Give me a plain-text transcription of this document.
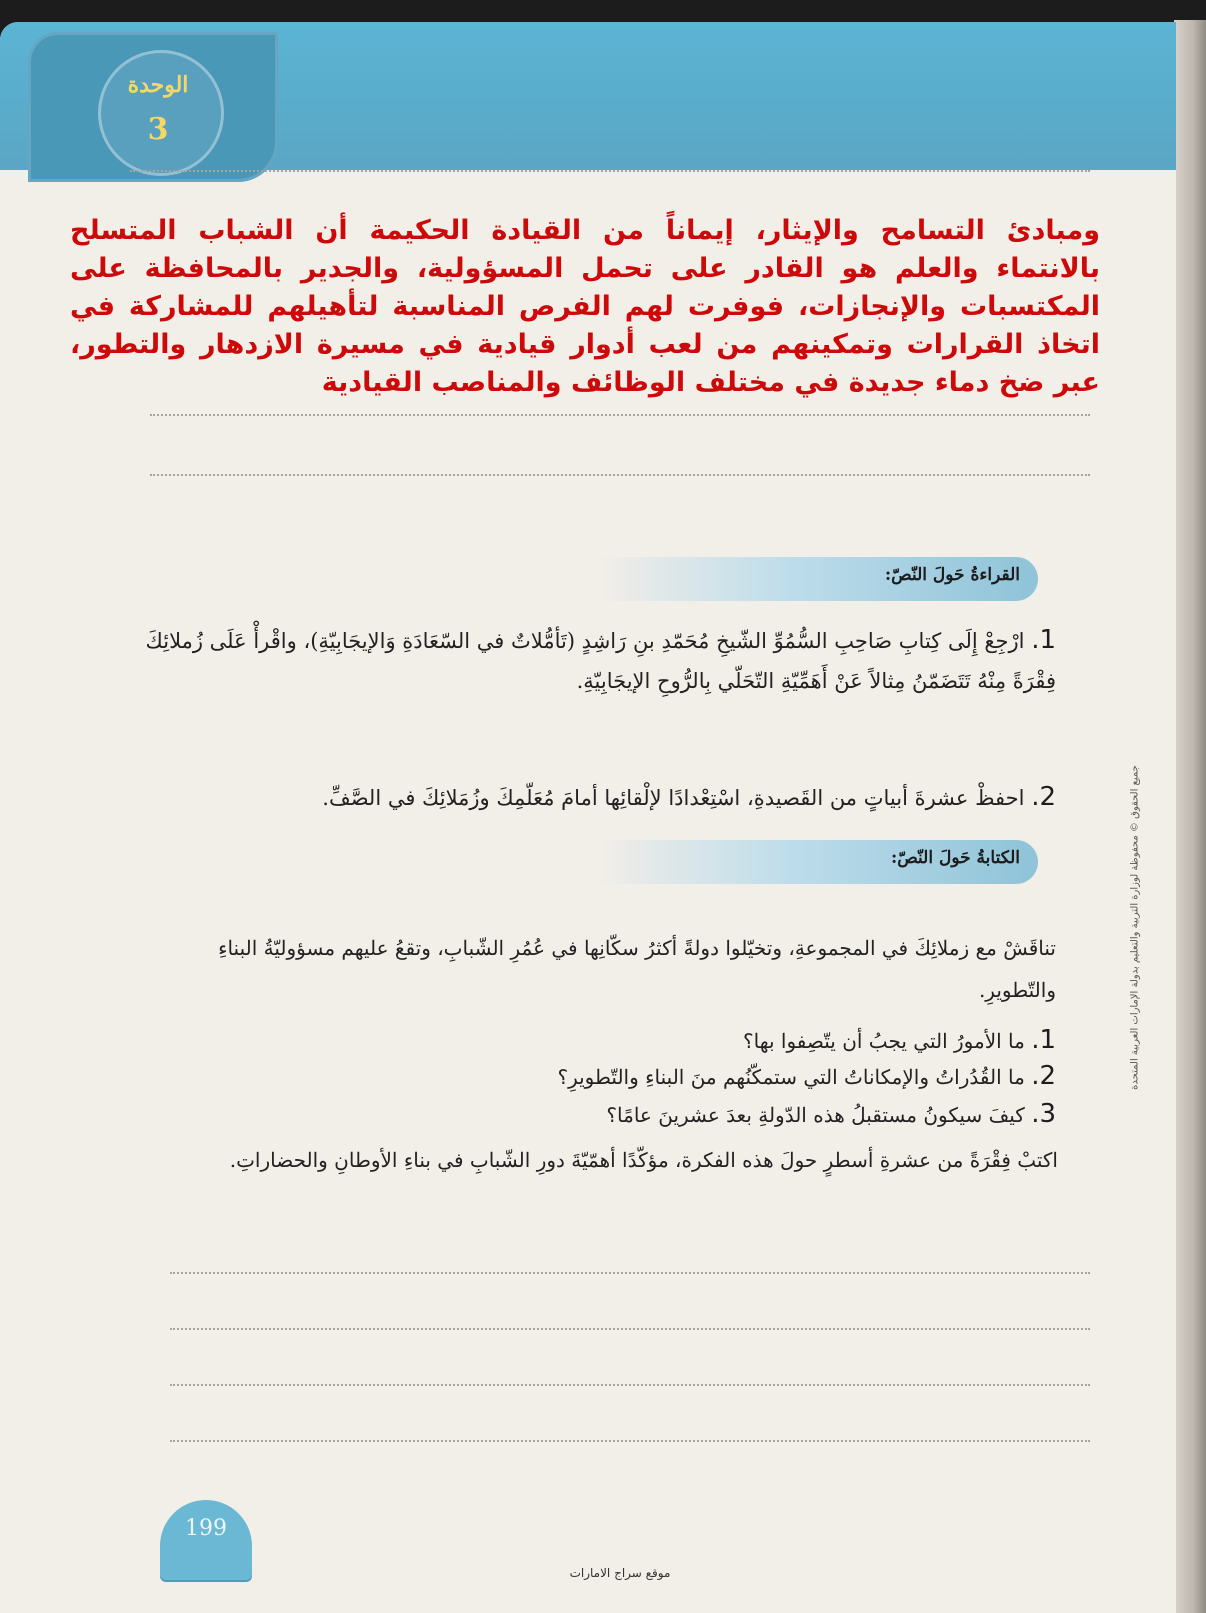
الوحدة
3
ومبادئ التسامح والإيثار، إيماناً من القيادة الحكيمة أن الشباب المتسلح بالانتماء والعلم هو القادر على تحمل المسؤولية، والجدير بالمحافظة على المكتسبات والإنجازات، فوفرت لهم الفرص المناسبة لتأهيلهم للمشاركة في اتخاذ القرارات وتمكينهم من لعب أدوار قيادية في مسيرة الازدهار والتطور، عبر ضخ دماء جديدة في مختلف الوظائف والمناصب القيادية
القراءةُ حَولَ النّصّ:
1. ارْجِعْ إِلَى كِتابِ صَاحِبِ السُّمُوِّ الشّيخِ مُحَمّدِ بنِ رَاشِدٍ (تَأمُّلاتٌ في السّعَادَةِ وَالإيجَابِيّةِ)، واقْرأْ عَلَى زُملائِكَ فِقْرَةً مِنْهُ تَتَضَمّنُ مِثالاً عَنْ أَهَمِّيّةِ التّحَلّي بِالرُّوحِ الإيجَابِيّةِ.
2. احفظْ عشرةَ أبياتٍ من القَصيدةِ، اسْتِعْدادًا لإلْقائِها أمامَ مُعَلّمِكَ وزُمَلائِكَ في الصَّفِّ.
الكتابةُ حَولَ النّصّ:
تناقَشْ مع زملائِكَ في المجموعةِ، وتخيّلوا دولةً أكثرُ سكّانِها في عُمُرِ الشّبابِ، وتقعُ عليهم مسؤوليّةُ البناءِ والتّطويرِ.
1. ما الأمورُ التي يجبُ أن يتّصِفوا بها؟
2. ما القُدُراتُ والإمكاناتُ التي ستمكّنُهم منَ البناءِ والتّطويرِ؟
3. كيفَ سيكونُ مستقبلُ هذه الدّولةِ بعدَ عشرينَ عامًا؟
اكتبْ فِقْرَةً من عشرةِ أسطرٍ حولَ هذه الفكرة، مؤكّدًا أهمّيّةَ دورِ الشّبابِ في بناءِ الأوطانِ والحضاراتِ.
جميع الحقوق © محفوظة لوزارة التربية والتعليم بدولة الإمارات العربية المتحدة
199
موقع سراج الامارات
